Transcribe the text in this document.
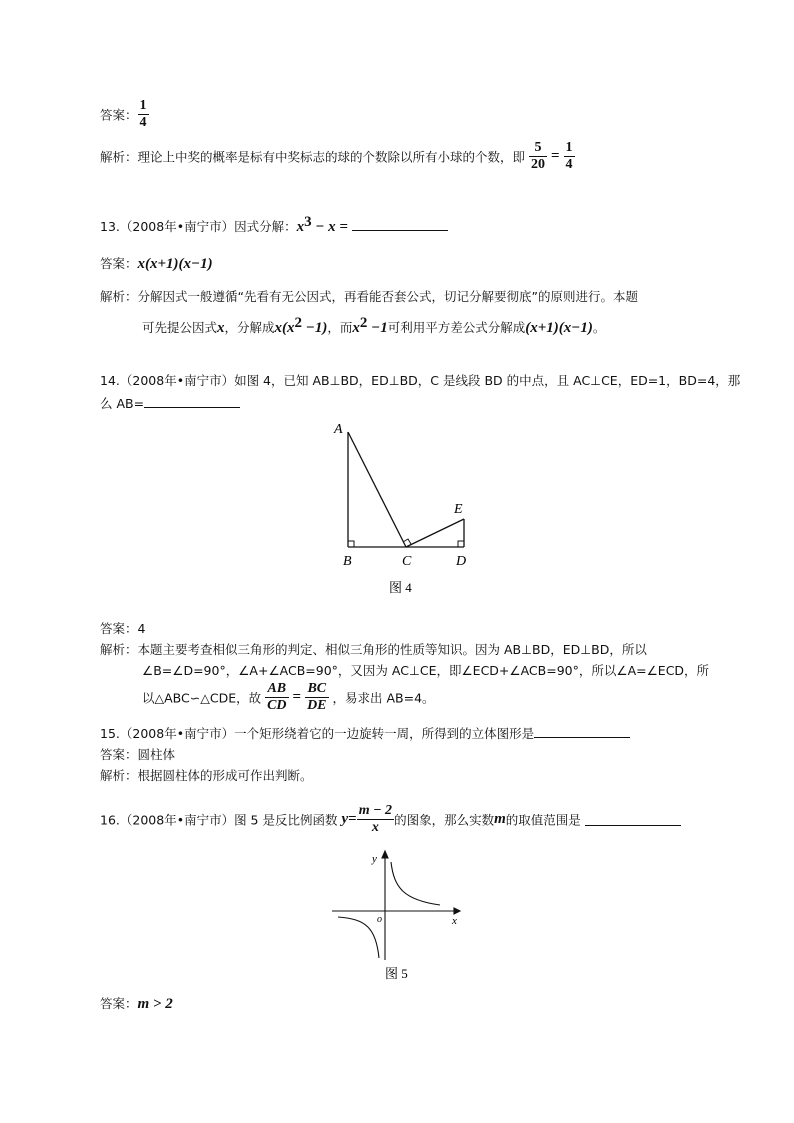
答案： $\frac{1}{4}$
解析：理论上中奖的概率是标有中奖标志的球的个数除以所有小球的个数，即 $\frac{5}{20} = \frac{1}{4}$
13.（2008年•南宁市）因式分解：$x^3 - x$ =
答案：x(x+1)(x−1)
解析：分解因式一般遵循“先看有无公因式，再看能否套公式，切记分解要彻底”的原则进行。本题
可先提公因式x，分解成$x(x^2 -1)$，而$x^2 -1$可利用平方差公式分解成(x+1)(x−1)。
14.（2008年•南宁市）如图 4，已知 AB⊥BD，ED⊥BD，C 是线段 BD 的中点，且 AC⊥CE，ED=1，BD=4，那
么 AB=
A
B	C	D
E
图 4
答案：4
解析：本题主要考查相似三角形的判定、相似三角形的性质等知识。因为 AB⊥BD，ED⊥BD，所以
∠B=∠D=90°，∠A+∠ACB=90°，又因为 AC⊥CE，即∠ECD+∠ACB=90°，所以∠A=∠ECD，所
以△ABC∽△CDE，故 $\frac{AB}{CD} = \frac{BC}{DE}$ ，易求出 AB=4。
15.（2008年•南宁市）一个矩形绕着它的一边旋转一周，所得到的立体图形是
答案：圆柱体
解析：根据圆柱体的形成可作出判断。
16.（2008年•南宁市）图 5 是反比例函数 $y= \frac{m - 2}{x}$ 的图象，那么实数m的取值范围是
y
x
o
图 5
答案：m > 2
